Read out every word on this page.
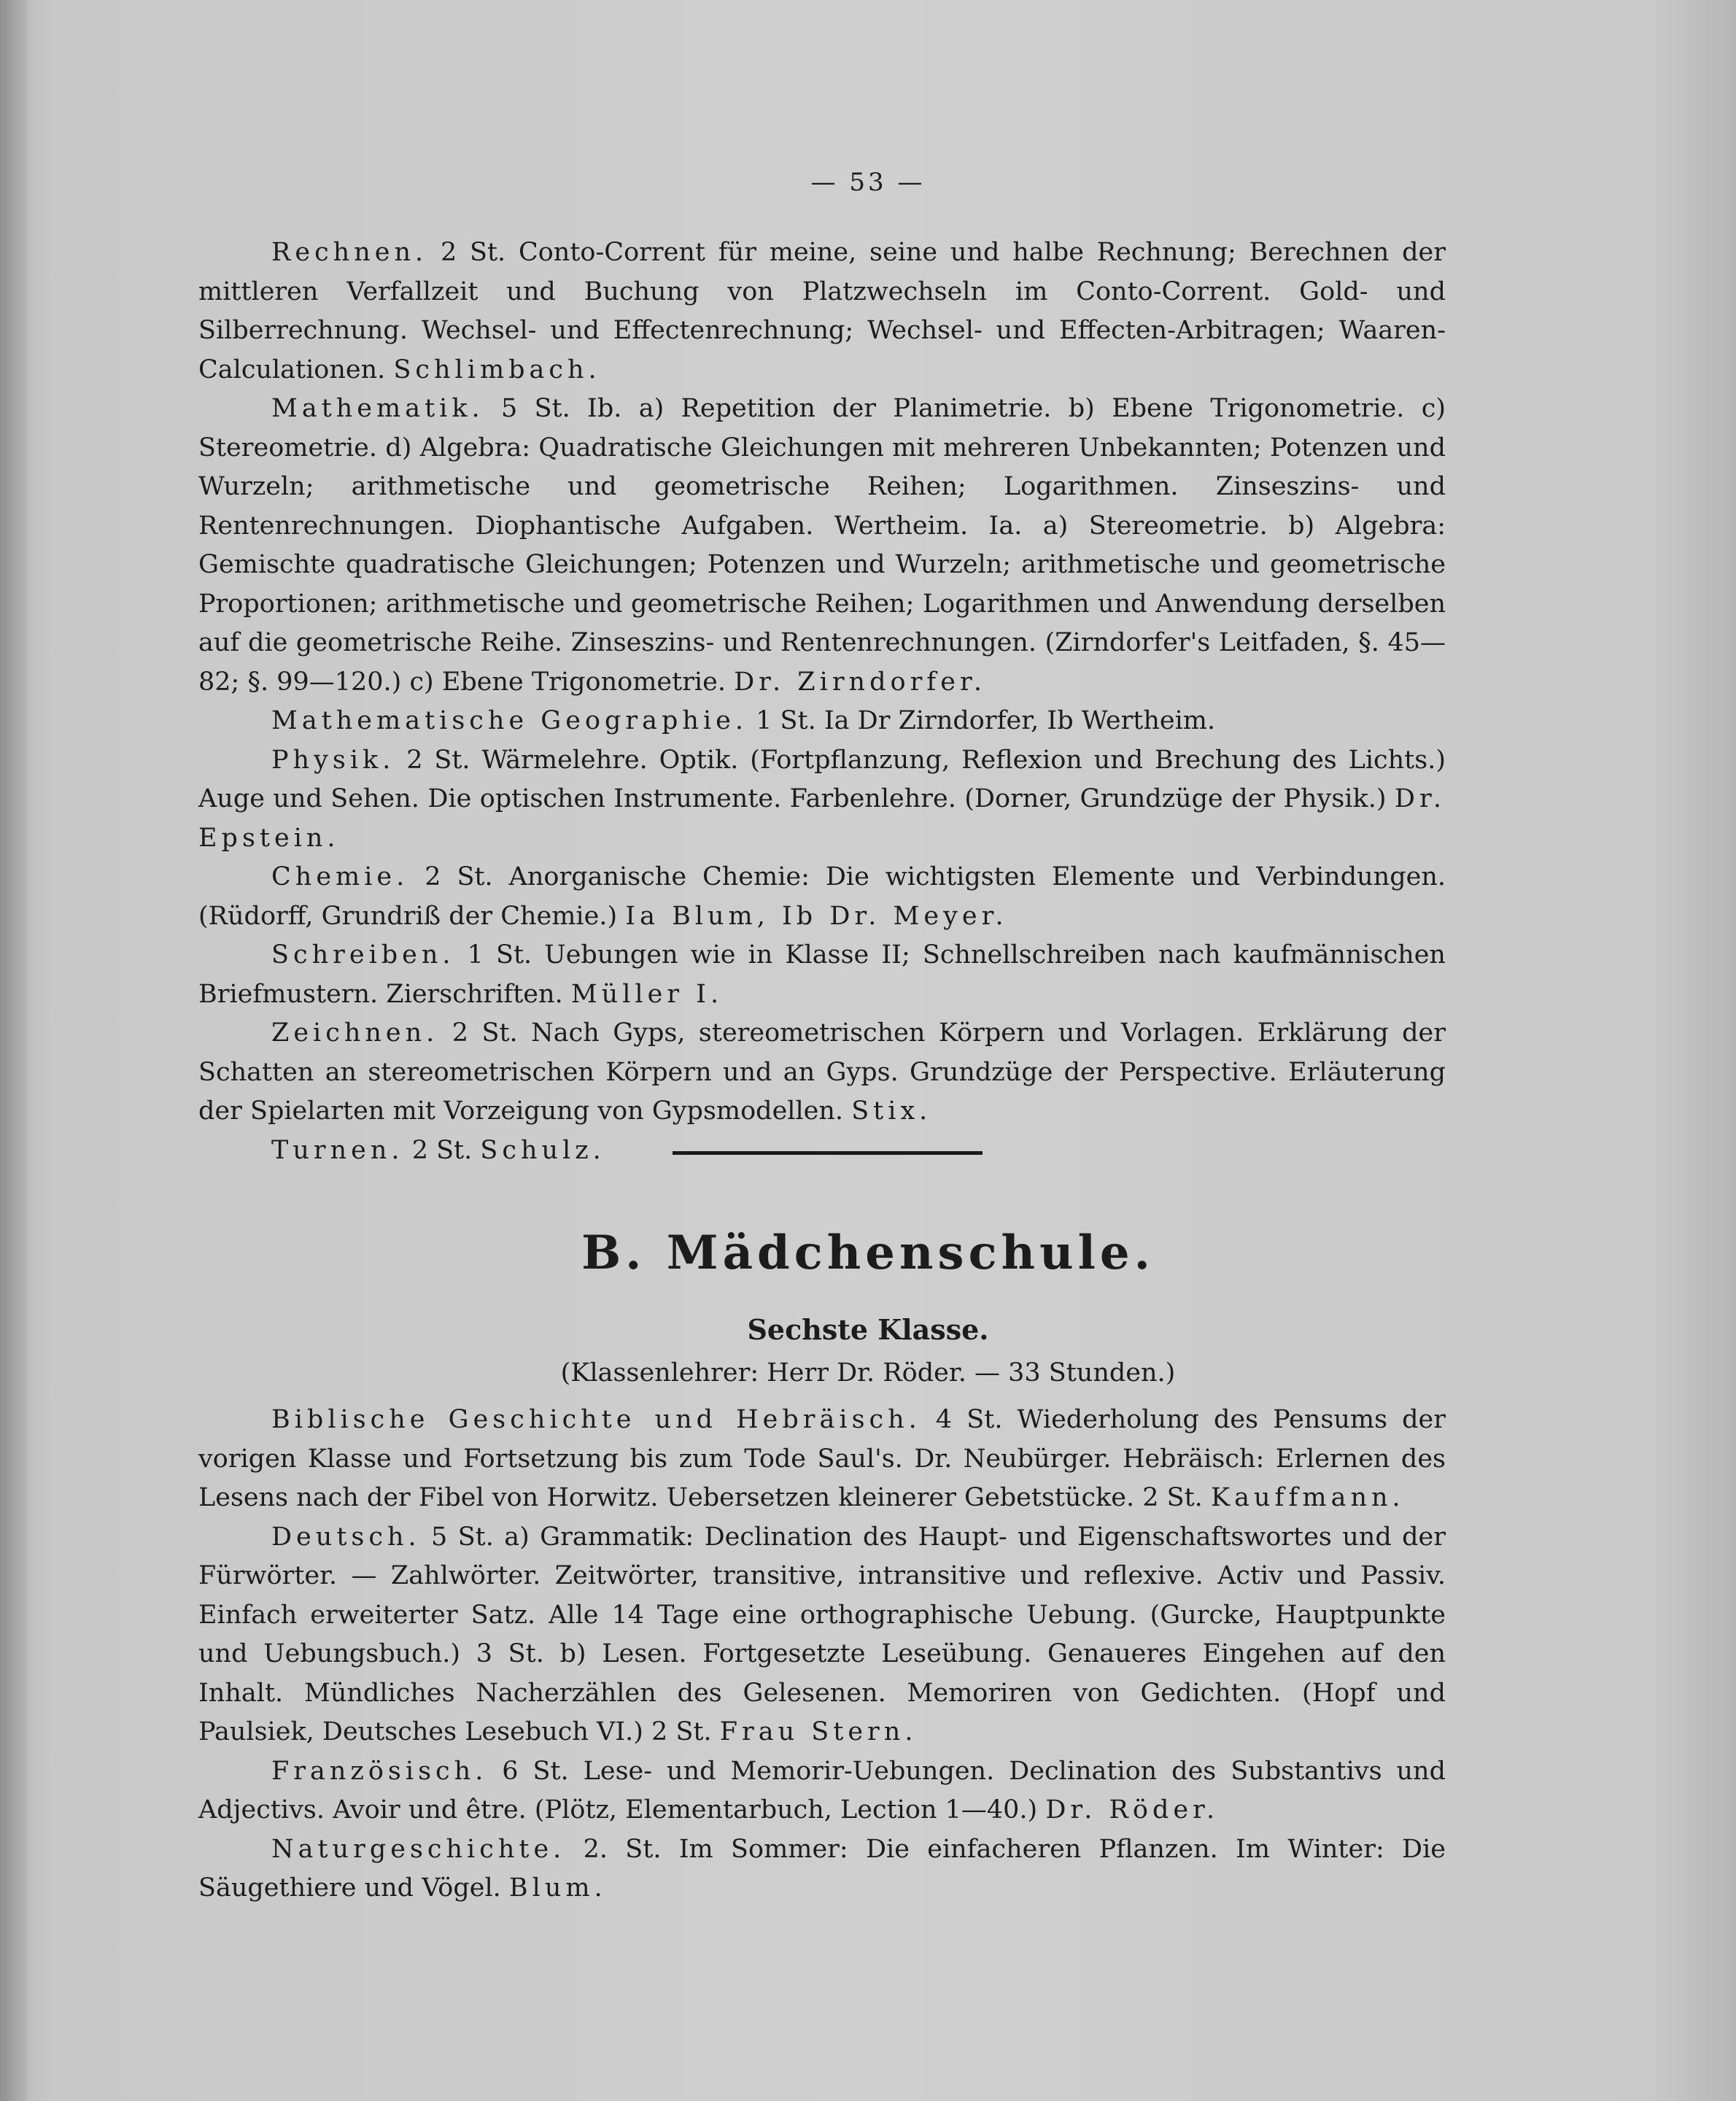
— 53 —

Rechnen. 2 St. Conto-Corrent für meine, seine und halbe Rechnung; Berechnen der mittleren Verfallzeit und Buchung von Platzwechseln im Conto-Corrent. Gold- und Silberrechnung. Wechsel- und Effectenrechnung; Wechsel- und Effecten-Arbitragen; Waaren-Calculationen. Schlimbach.

Mathematik. 5 St. Ib. a) Repetition der Planimetrie. b) Ebene Trigonometrie. c) Stereometrie. d) Algebra: Quadratische Gleichungen mit mehreren Unbekannten; Potenzen und Wurzeln; arithmetische und geometrische Reihen; Logarithmen. Zinseszins- und Rentenrechnungen. Diophantische Aufgaben. Wertheim. Ia. a) Stereometrie. b) Algebra: Gemischte quadratische Gleichungen; Potenzen und Wurzeln; arithmetische und geometrische Proportionen; arithmetische und geometrische Reihen; Logarithmen und Anwendung derselben auf die geometrische Reihe. Zinseszins- und Rentenrechnungen. (Zirndorfer's Leitfaden, §. 45—82; §. 99—120.) c) Ebene Trigonometrie. Dr. Zirndorfer.

Mathematische Geographie. 1 St. Ia Dr Zirndorfer, Ib Wertheim.

Physik. 2 St. Wärmelehre. Optik. (Fortpflanzung, Reflexion und Brechung des Lichts.) Auge und Sehen. Die optischen Instrumente. Farbenlehre. (Dorner, Grundzüge der Physik.) Dr. Epstein.

Chemie. 2 St. Anorganische Chemie: Die wichtigsten Elemente und Verbindungen. (Rüdorff, Grundriß der Chemie.) Ia Blum, Ib Dr. Meyer.

Schreiben. 1 St. Uebungen wie in Klasse II; Schnellschreiben nach kaufmännischen Briefmustern. Zierschriften. Müller I.

Zeichnen. 2 St. Nach Gyps, stereometrischen Körpern und Vorlagen. Erklärung der Schatten an stereometrischen Körpern und an Gyps. Grundzüge der Perspective. Erläuterung der Spielarten mit Vorzeigung von Gypsmodellen. Stix.

Turnen. 2 St. Schulz.

B. Mädchenschule.
Sechste Klasse.
(Klassenlehrer: Herr Dr. Röder. — 33 Stunden.)

Biblische Geschichte und Hebräisch. 4 St. Wiederholung des Pensums der vorigen Klasse und Fortsetzung bis zum Tode Saul's. Dr. Neubürger. Hebräisch: Erlernen des Lesens nach der Fibel von Horwitz. Uebersetzen kleinerer Gebetstücke. 2 St. Kauffmann.

Deutsch. 5 St. a) Grammatik: Declination des Haupt- und Eigenschaftswortes und der Fürwörter. — Zahlwörter. Zeitwörter, transitive, intransitive und reflexive. Activ und Passiv. Einfach erweiterter Satz. Alle 14 Tage eine orthographische Uebung. (Gurcke, Hauptpunkte und Uebungsbuch.) 3 St. b) Lesen. Fortgesetzte Leseübung. Genaueres Eingehen auf den Inhalt. Mündliches Nacherzählen des Gelesenen. Memoriren von Gedichten. (Hopf und Paulsiek, Deutsches Lesebuch VI.) 2 St. Frau Stern.

Französisch. 6 St. Lese- und Memorir-Uebungen. Declination des Substantivs und Adjectivs. Avoir und être. (Plötz, Elementarbuch, Lection 1—40.) Dr. Röder.

Naturgeschichte. 2. St. Im Sommer: Die einfacheren Pflanzen. Im Winter: Die Säugethiere und Vögel. Blum.
